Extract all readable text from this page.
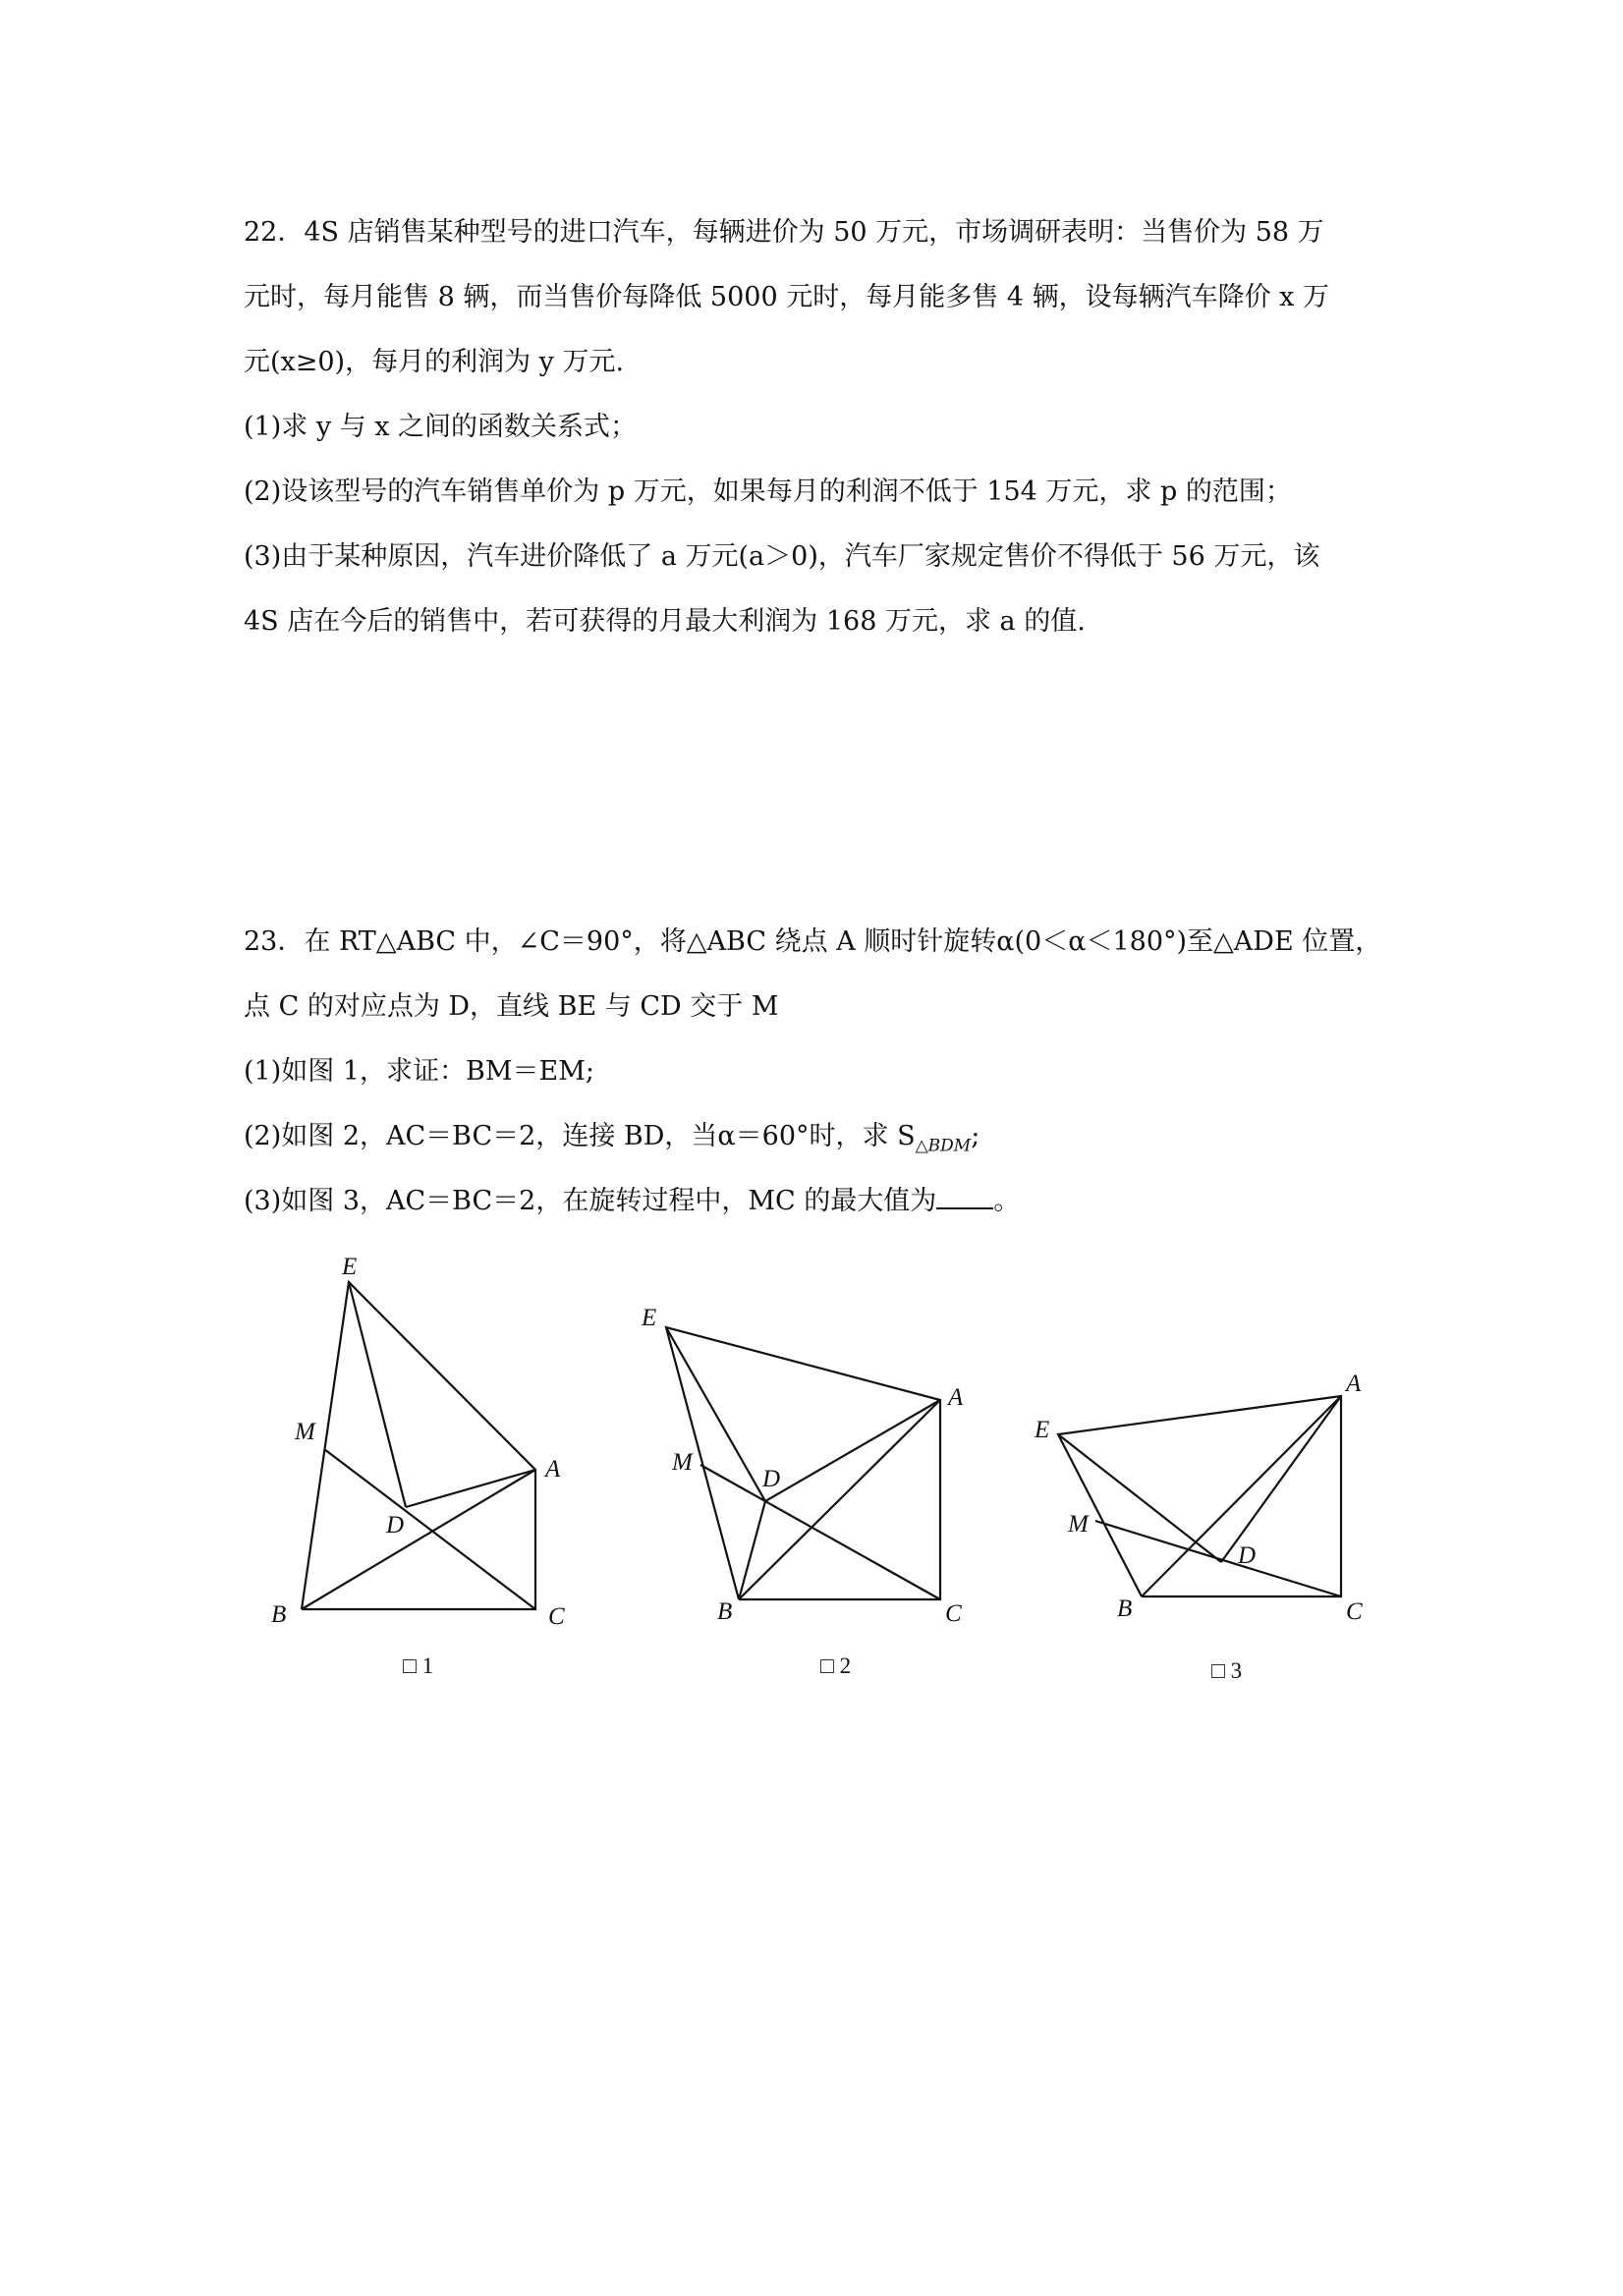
22．4S 店销售某种型号的进口汽车，每辆进价为 50 万元，市场调研表明：当售价为 58 万
元时，每月能售 8 辆，而当售价每降低 5000 元时，每月能多售 4 辆，设每辆汽车降价 x 万
元(x≥0)，每月的利润为 y 万元.
(1)求 y 与 x 之间的函数关系式；
(2)设该型号的汽车销售单价为 p 万元，如果每月的利润不低于 154 万元，求 p 的范围；
(3)由于某种原因，汽车进价降低了 a 万元(a＞0)，汽车厂家规定售价不得低于 56 万元，该
4S 店在今后的销售中，若可获得的月最大利润为 168 万元，求 a 的值.
23．在 RT△ABC 中，∠C＝90°，将△ABC 绕点 A 顺时针旋转α(0＜α＜180°)至△ADE 位置，
点 C 的对应点为 D，直线 BE 与 CD 交于 M
(1)如图 1，求证：BM＝EM;
(2)如图 2，AC＝BC＝2，连接 BD，当α＝60°时，求 $S_{\triangle BDM}$;
(3)如图 3，AC＝BC＝2，在旋转过程中，MC 的最大值为 。
E
M
A
D
B	C
□ 1
E
M
A
D
B	C
□ 2
E
M
A
D
B	C
□ 3
